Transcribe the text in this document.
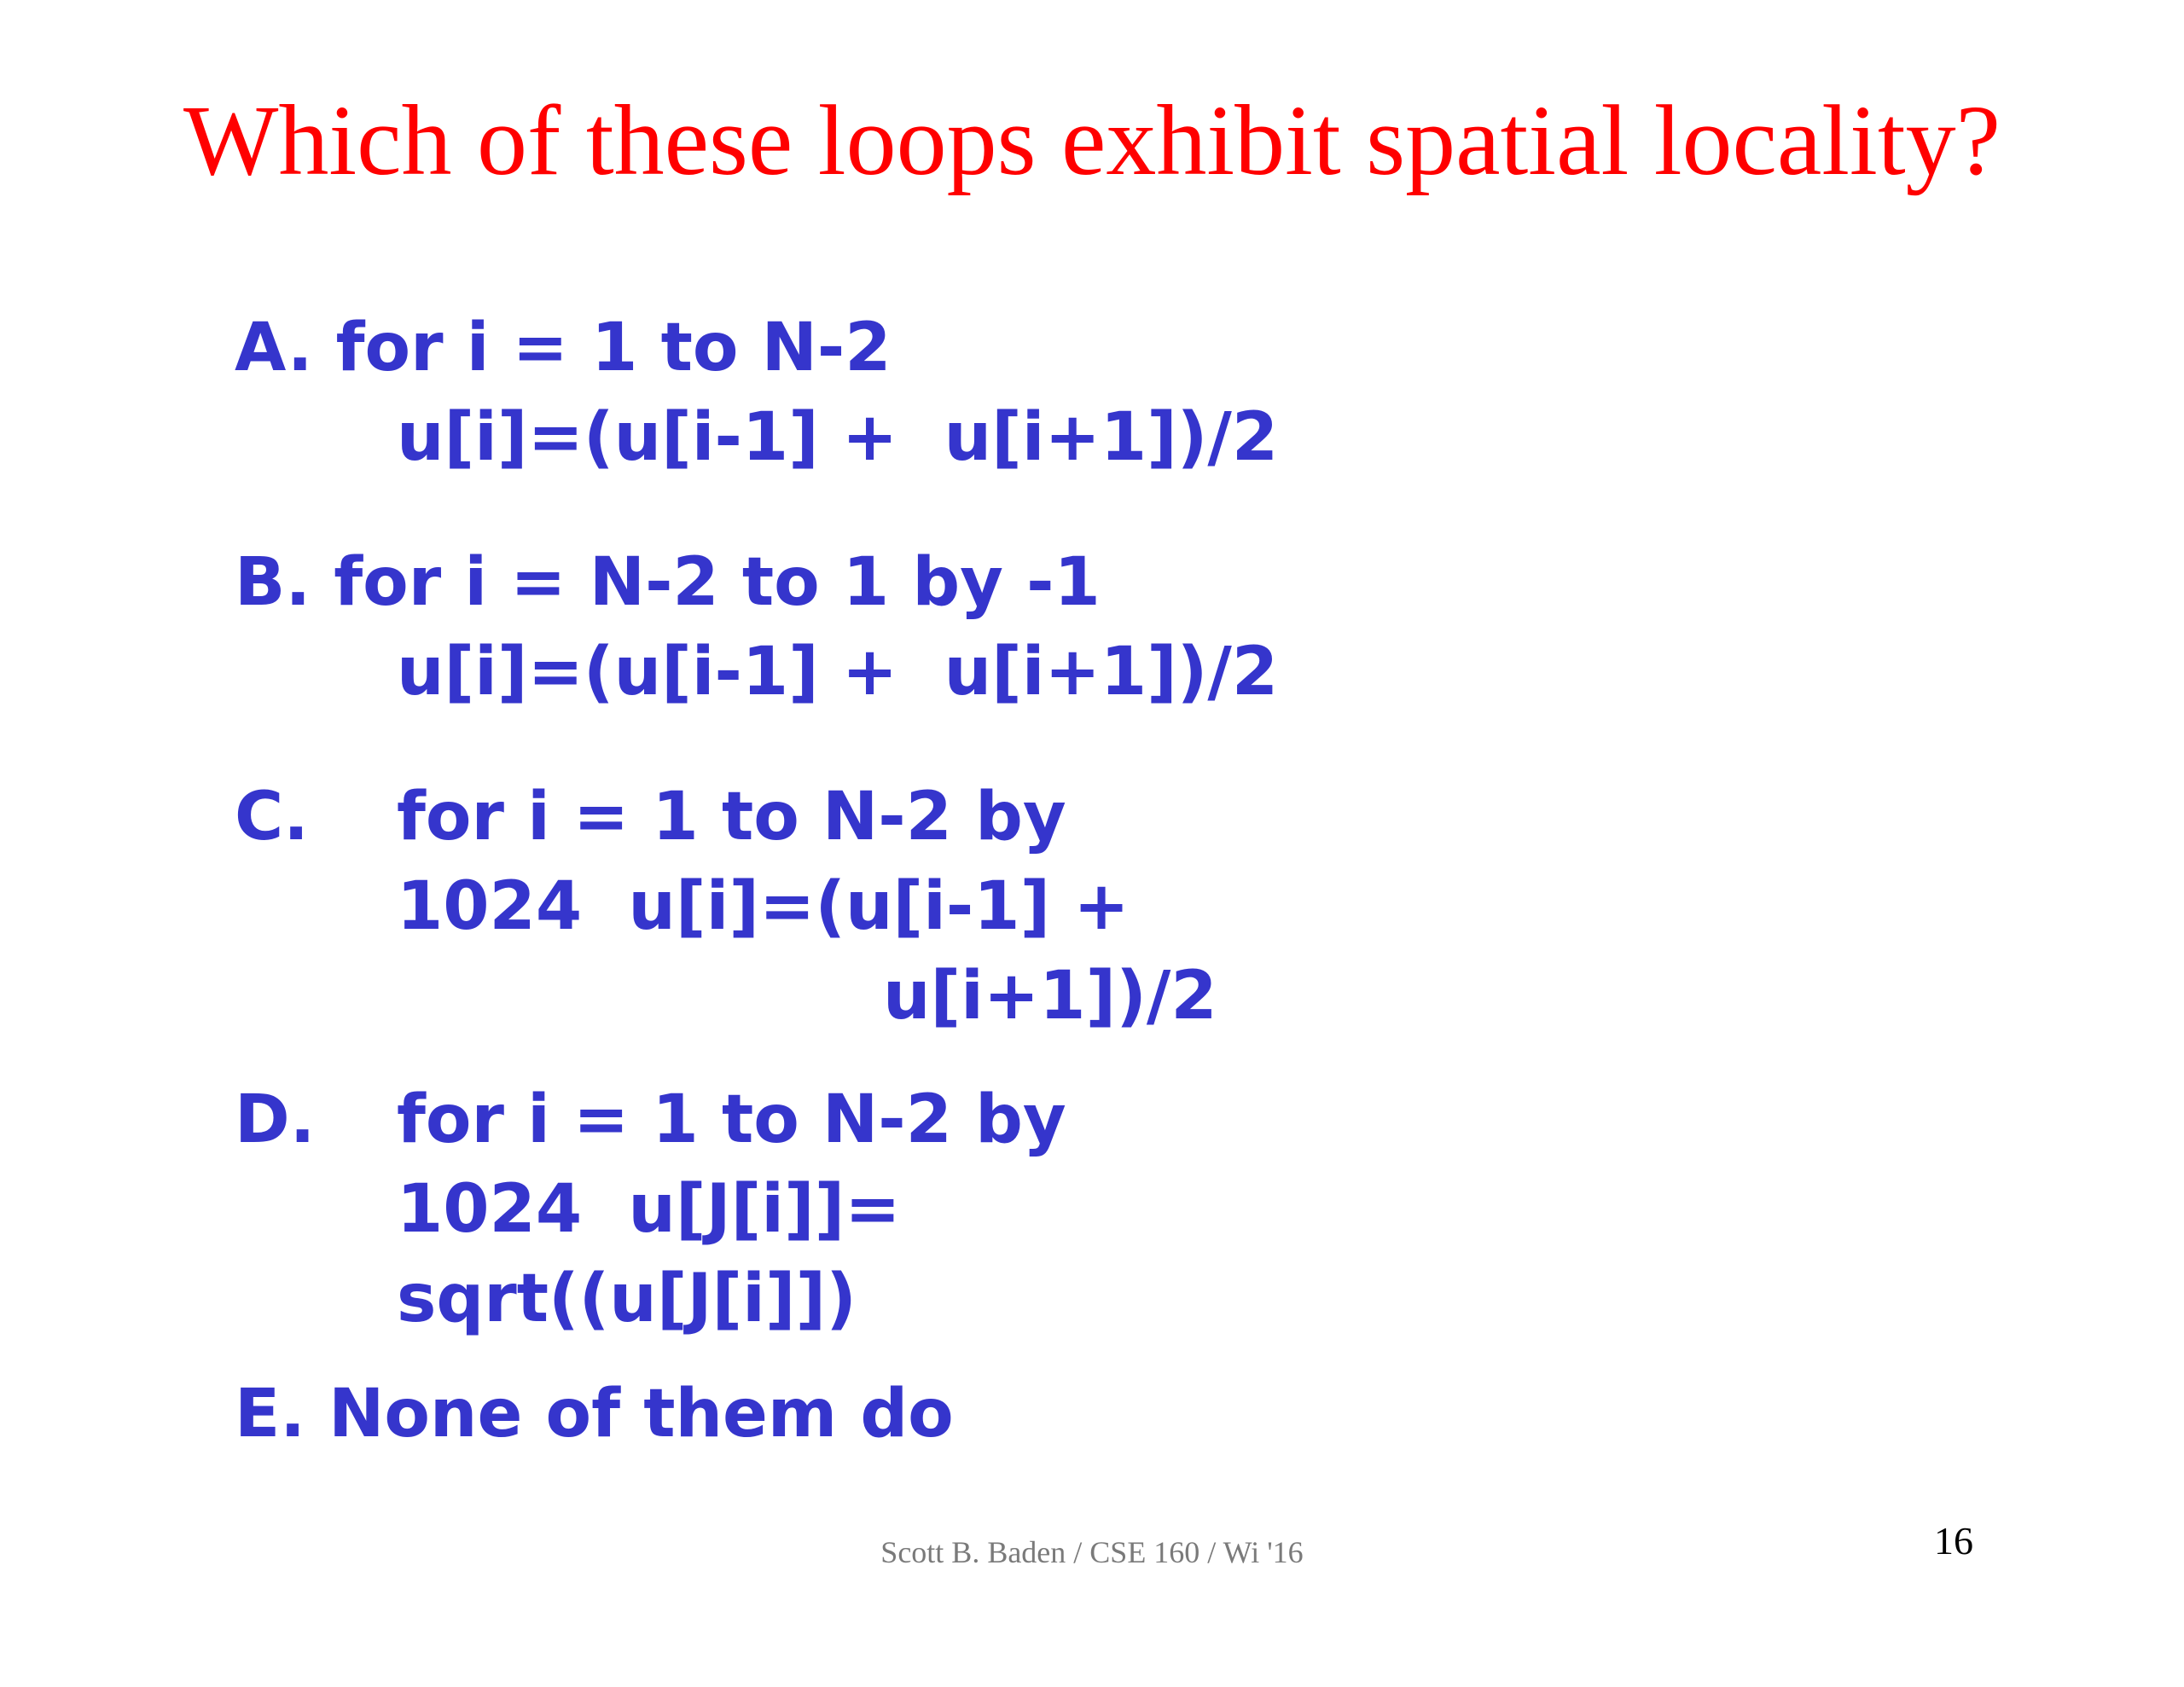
Which of these loops exhibit spatial locality?
A. for i = 1 to N-2
u[i]=(u[i-1] +  u[i+1])/2
B. for i = N-2 to 1 by -1
u[i]=(u[i-1] +  u[i+1])/2
C. for i = 1 to N-2 by
1024  u[i]=(u[i-1] +
u[i+1])/2
D. for i = 1 to N-2 by
1024  u[J[i]]=
sqrt((u[J[i]])
E. None of them do
Scott B. Baden / CSE 160 / Wi '16	16
